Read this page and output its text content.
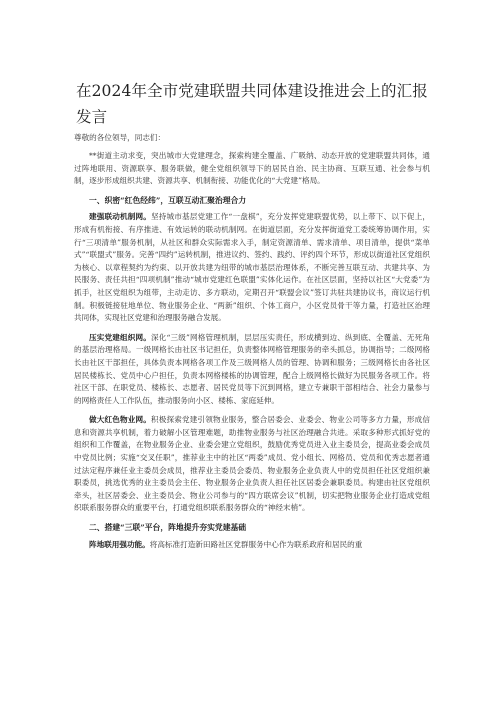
在2024年全市党建联盟共同体建设推进会上的汇报发言
尊敬的各位领导，同志们：

**街道主动求变，突出城市大党建理念，探索构建全覆盖、广吸纳、动态开放的党建联盟共同体，通过阵地联用、资源联享、服务联做，健全党组织领导下的居民自治、民主协商、互联互通、社会参与机制，逐步形成组织共建、资源共享、机制衔接、功能优化的“大党建”格局。

一、织密“红色经纬”，互联互动汇聚治理合力

建强联动机制网。坚持城市基层党建工作“一盘棋”，充分发挥党建联盟优势，以上带下、以下促上，形成有机衔接、有序推进、有效运转的联动机制网。在街道层面，充分发挥街道党工委统筹协调作用，实行“三项清单”服务机制，从社区和群众实际需求入手，制定资源清单、需求清单、项目清单，提供“菜单式”“联盟式”服务。完善“四约”运转机制，推进议约、签约、践约、评约四个环节，形成以街道社区党组织为核心、以章程契约为约束、以开放共建为纽带的城市基层治理体系，不断完善互联互动、共建共享、为民服务、责任共担“四项机制”推动“城市党建红色联盟”实体化运作。在社区层面，坚持以社区“大党委”为抓手，社区党组织为组带，主动走访、多方联动，定期召开“联盟会议”签订共驻共建协议书，商议运行机制。积极链接驻地单位、物业服务企业、“两新”组织、个体工商户，小区党员骨干等力量，打造社区治理共同体，实现社区党建和治理服务融合发展。

压实党建组织网。深化“三级”网格管理机制，层层压实责任，形成横到边、纵到底、全覆盖、无死角的基层治理格局。一级网格长由社区书记担任，负责整体网格管理服务的牵头抓总，协调指导；二级网格长由社区干部担任，具体负责本网格各项工作及三级网格人员的管理、协调和服务；三级网格长由各社区居民楼栋长、党员中心户担任，负责本网格楼栋的协调管理，配合上级网格长做好为民服务各项工作。将社区干部、在职党员、楼栋长、志愿者、居民党员等下沉到网格，建立专兼职干部相结合、社会力量参与的网格责任人工作队伍，推动服务向小区、楼栋、家庭延伸。

做大红色物业网。积极探索党建引领物业服务，整合居委会、业委会、物业公司等多方力量，形成信息和资源共享机制，着力破解小区管理难题，助推物业服务与社区治理融合共进。采取多种形式抓好党的组织和工作覆盖，在物业服务企业、业委会建立党组织，鼓励优秀党员进入业主委员会，提高业委会成员中党员比例；实施“交叉任职”，推荐业主中的社区“两委”成员、党小组长、网格员、党员和优秀志愿者通过法定程序兼任业主委员会成员，推荐业主委员会委员、物业服务企业负责人中的党员担任社区党组织兼职委员，挑选优秀的业主委员会主任、物业服务企业负责人担任社区居委会兼职委员。构建由社区党组织牵头，社区居委会、业主委员会、物业公司参与的“四方联席会议”机制，切实把物业服务企业打造成党组织联系服务群众的重要平台，打通党组织联系服务群众的“神经末梢”。

二、搭建“三联”平台，阵地提升夯实党建基础

阵地联用强功能。将高标准打造新田路社区党群服务中心作为联系政府和居民的重
